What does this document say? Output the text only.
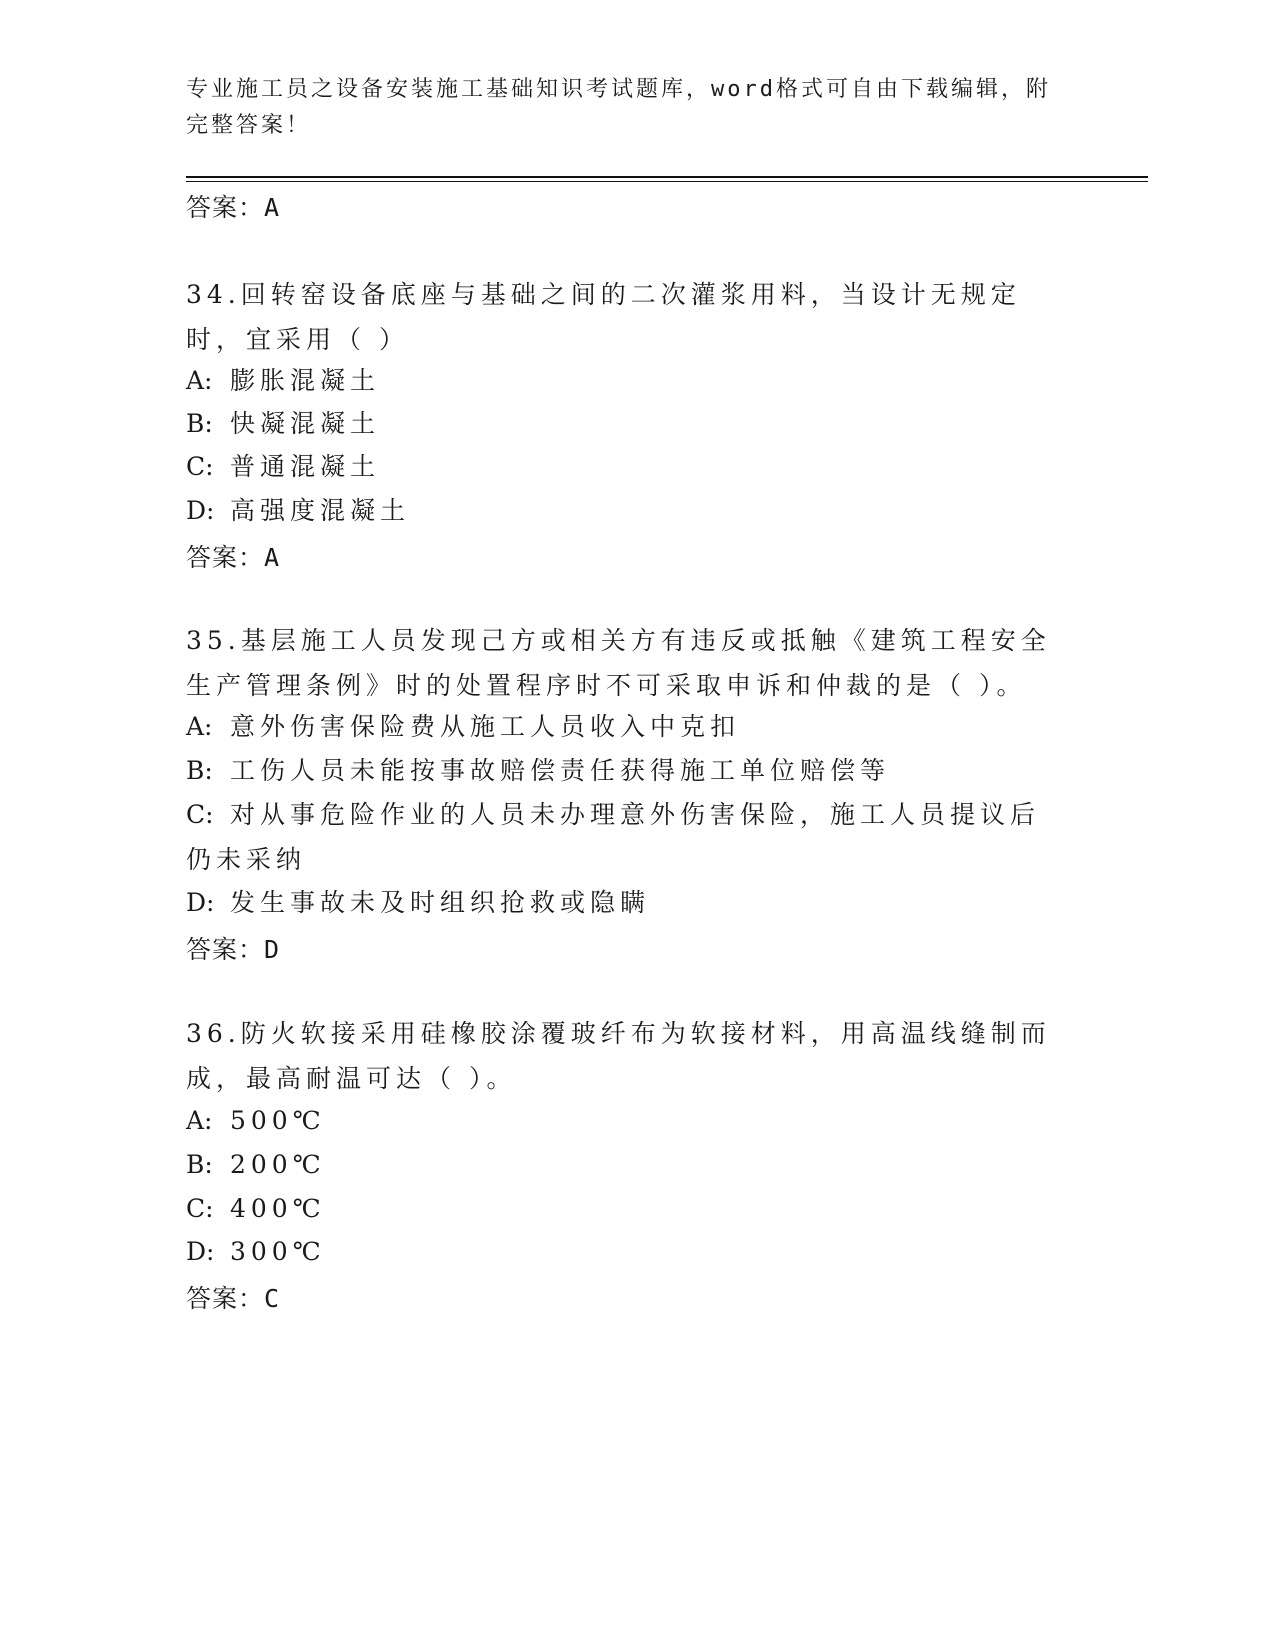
专业施工员之设备安装施工基础知识考试题库，word格式可自由下载编辑，附完整答案！
答案：A
34.回转窑设备底座与基础之间的二次灌浆用料，当设计无规定时，宜采用（ ）
A: 膨胀混凝土
B: 快凝混凝土
C: 普通混凝土
D: 高强度混凝土
答案：A
35.基层施工人员发现己方或相关方有违反或抵触《建筑工程安全生产管理条例》时的处置程序时不可采取申诉和仲裁的是（ ）。
A: 意外伤害保险费从施工人员收入中克扣
B: 工伤人员未能按事故赔偿责任获得施工单位赔偿等
C: 对从事危险作业的人员未办理意外伤害保险，施工人员提议后仍未采纳
D: 发生事故未及时组织抢救或隐瞒
答案：D
36.防火软接采用硅橡胶涂覆玻纤布为软接材料，用高温线缝制而成，最高耐温可达（ ）。
A: 500℃
B: 200℃
C: 400℃
D: 300℃
答案：C
